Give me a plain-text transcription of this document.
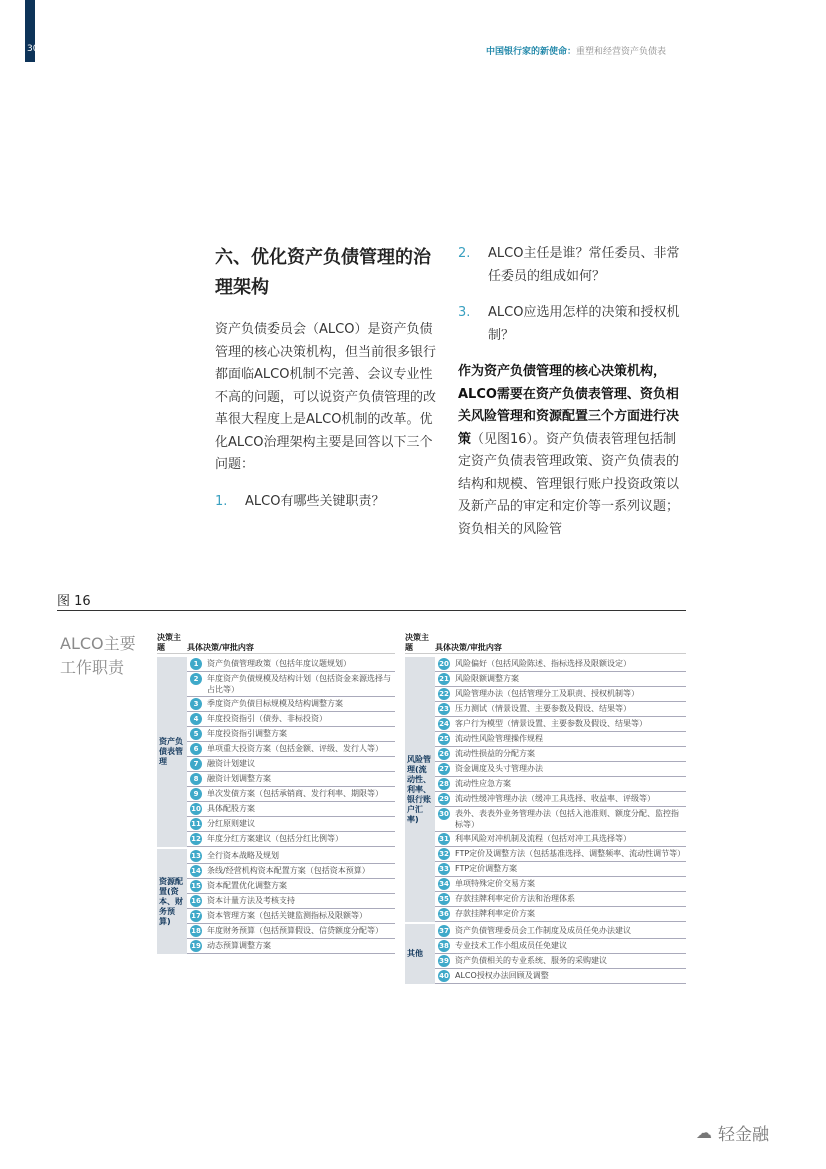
30	中国银行家的新使命：重塑和经营资产负债表
六、优化资产负债管理的治理架构
资产负债委员会（ALCO）是资产负债管理的核心决策机构，但当前很多银行都面临ALCO机制不完善、会议专业性不高的问题，可以说资产负债管理的改革很大程度上是ALCO机制的改革。优化ALCO治理架构主要是回答以下三个问题：
1.	ALCO有哪些关键职责？
2.	ALCO主任是谁？常任委员、非常任委员的组成如何？
3.	ALCO应选用怎样的决策和授权机制？
作为资产负债管理的核心决策机构，ALCO需要在资产负债表管理、资负相关风险管理和资源配置三个方面进行决策（见图16）。资产负债表管理包括制定资产负债表管理政策、资产负债表的结构和规模、管理银行账户投资政策以及新产品的审定和定价等一系列议题；资负相关的风险管
图 16
ALCO主要工作职责
决策主题	具体决策/审批内容
资产负债表管理
1	资产负债管理政策（包括年度议题规划）
2	年度资产负债规模及结构计划（包括资金来源选择与占比等）
3	季度资产负债目标规模及结构调整方案
4	年度投资指引（债券、非标投资）
5	年度投资指引调整方案
6	单项重大投资方案（包括金额、评级、发行人等）
7	融资计划建议
8	融资计划调整方案
9	单次发债方案（包括承销商、发行利率、期限等）
10 具体配股方案
11 分红原则建议
12 年度分红方案建议（包括分红比例等）
资源配置(资本、财务预算)
13 全行资本战略及规划
14 条线/经营机构资本配置方案（包括资本预算）
15 资本配置优化调整方案
16 资本计量方法及考核支持
17 资本管理方案（包括关键监测指标及限额等）
18 年度财务预算（包括预算假设、信贷额度分配等）
19 动态预算调整方案
决策主题	具体决策/审批内容
风险管理(流动性、利率、银行账户汇率)
20 风险偏好（包括风险陈述、指标选择及限额设定）
21 风险限额调整方案
22 风险管理办法（包括管理分工及职责、授权机制等）
23 压力测试（情景设置、主要参数及假设、结果等）
24 客户行为模型（情景设置、主要参数及假设、结果等）
25 流动性风险管理操作规程
26 流动性损益的分配方案
27 资金调度及头寸管理办法
28 流动性应急方案
29 流动性缓冲管理办法（缓冲工具选择、收益率、评级等）
30 表外、表表外业务管理办法（包括入池准则、额度分配、监控指标等）
31 利率风险对冲机制及流程（包括对冲工具选择等）
32 FTP定价及调整方法（包括基准选择、调整频率、流动性调节等）
33 FTP定价调整方案
34 单项特殊定价交易方案
35 存款挂牌利率定价方法和治理体系
36 存款挂牌利率定价方案
其他
37 资产负债管理委员会工作制度及成员任免办法建议
38 专业技术工作小组成员任免建议
39 资产负债相关的专业系统、服务的采购建议
40 ALCO授权办法回顾及调整
☁ 轻金融
